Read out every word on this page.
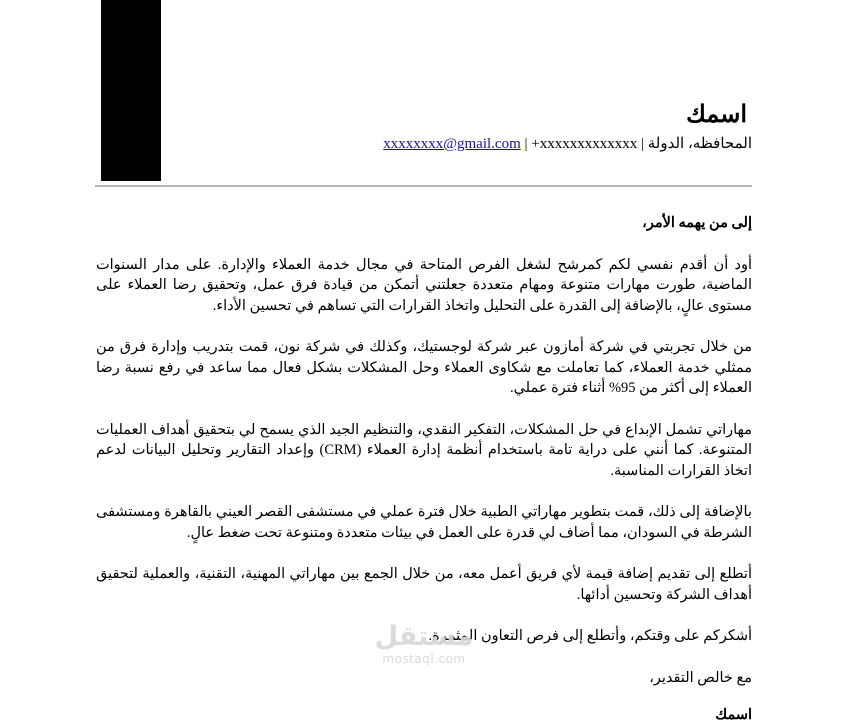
اسمك
المحافظه، الدولة | +xxxxxxxxxxxxx | xxxxxxxx@gmail.com

إلى من يهمه الأمر،

أود أن أقدم نفسي لكم كمرشح لشغل الفرص المتاحة في مجال خدمة العملاء والإدارة. على مدار السنوات الماضية، طورت مهارات متنوعة ومهام متعددة جعلتني أتمكن من قيادة فرق عمل، وتحقيق رضا العملاء على مستوى عالٍ، بالإضافة إلى القدرة على التحليل واتخاذ القرارات التي تساهم في تحسين الأداء.

من خلال تجربتي في شركة أمازون عبر شركة لوجستيك، وكذلك في شركة نون، قمت بتدريب وإدارة فرق من ممثلي خدمة العملاء، كما تعاملت مع شكاوى العملاء وحل المشكلات بشكل فعال مما ساعد في رفع نسبة رضا العملاء إلى أكثر من 95% أثناء فترة عملي.

مهاراتي تشمل الإبداع في حل المشكلات، التفكير النقدي، والتنظيم الجيد الذي يسمح لي بتحقيق أهداف العمليات المتنوعة. كما أنني على دراية تامة باستخدام أنظمة إدارة العملاء (CRM) وإعداد التقارير وتحليل البيانات لدعم اتخاذ القرارات المناسبة.

بالإضافة إلى ذلك، قمت بتطوير مهاراتي الطبية خلال فترة عملي في مستشفى القصر العيني بالقاهرة ومستشفى الشرطة في السودان، مما أضاف لي قدرة على العمل في بيئات متعددة ومتنوعة تحت ضغط عالٍ.

أتطلع إلى تقديم إضافة قيمة لأي فريق أعمل معه، من خلال الجمع بين مهاراتي المهنية، التقنية، والعملية لتحقيق أهداف الشركة وتحسين أدائها.

أشكركم على وقتكم، وأتطلع إلى فرص التعاون المثمرة.

مع خالص التقدير،

اسمك

مستقل
mostaql.com
